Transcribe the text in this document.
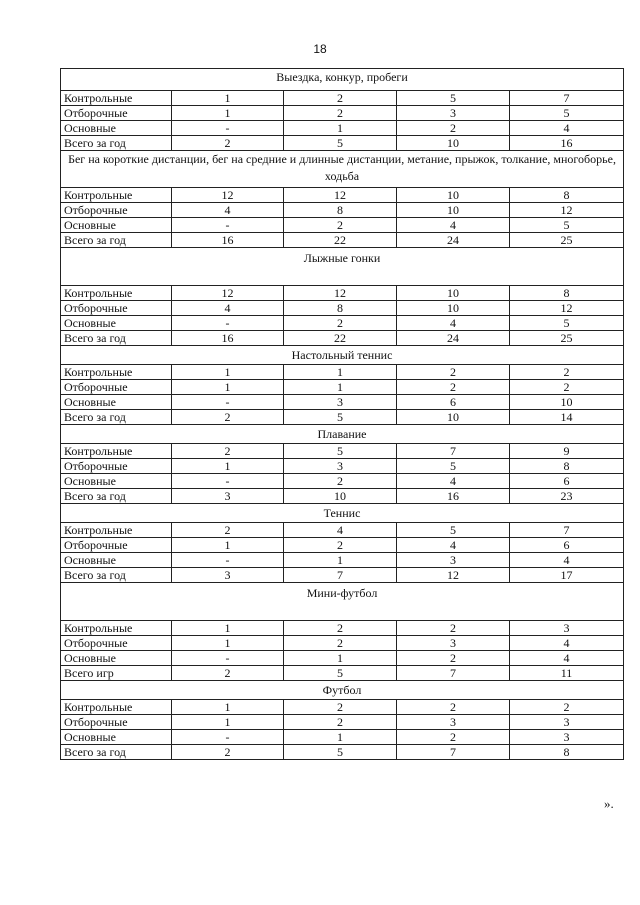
18
Выездка, конкур, пробеги				
Контрольные	1	2	5	7
Отборочные	1	2	3	5
Основные	-	1	2	4
Всего за год	2	5	10	16
Бег на короткие дистанции, бег на средние и длинные дистанции, метание, прыжок, толкание, многоборье, ходьба				
Контрольные	12	12	10	8
Отборочные	4	8	10	12
Основные	-	2	4	5
Всего за год	16	22	24	25
Лыжные гонки				
Контрольные	12	12	10	8
Отборочные	4	8	10	12
Основные	-	2	4	5
Всего за год	16	22	24	25
Настольный теннис				
Контрольные	1	1	2	2
Отборочные	1	1	2	2
Основные	-	3	6	10
Всего за год	2	5	10	14
Плавание				
Контрольные	2	5	7	9
Отборочные	1	3	5	8
Основные	-	2	4	6
Всего за год	3	10	16	23
Теннис				
Контрольные	2	4	5	7
Отборочные	1	2	4	6
Основные	-	1	3	4
Всего за год	3	7	12	17
Мини-футбол				
Контрольные	1	2	2	3
Отборочные	1	2	3	4
Основные	-	1	2	4
Всего игр	2	5	7	11
Футбол				
Контрольные	1	2	2	2
Отборочные	1	2	3	3
Основные	-	1	2	3
Всего за год	2	5	7	8
».
